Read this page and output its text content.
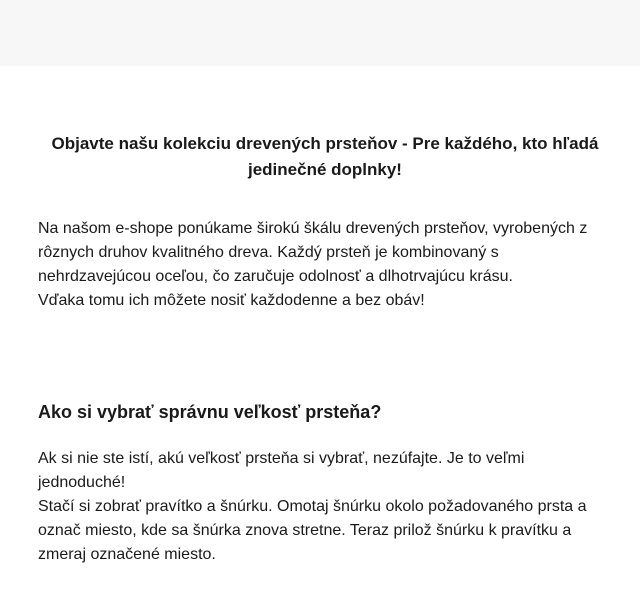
Objavte našu kolekciu drevených prsteňov - Pre každého, kto hľadá jedinečné doplnky!

Na našom e-shope ponúkame širokú škálu drevených prsteňov, vyrobených z rôznych druhov kvalitného dreva. Každý prsteň je kombinovaný s nehrdzavejúcou oceľou, čo zaručuje odolnosť a dlhotrvajúcu krásu.
Vďaka tomu ich môžete nosiť každodenne a bez obáv!

Ako si vybrať správnu veľkosť prsteňa?

Ak si nie ste istí, akú veľkosť prsteňa si vybrať, nezúfajte. Je to veľmi jednoduché!
Stačí si zobrať pravítko a šnúrku. Omotaj šnúrku okolo požadovaného prsta a označ miesto, kde sa šnúrka znova stretne. Teraz prilož šnúrku k pravítku a zmeraj označené miesto.
